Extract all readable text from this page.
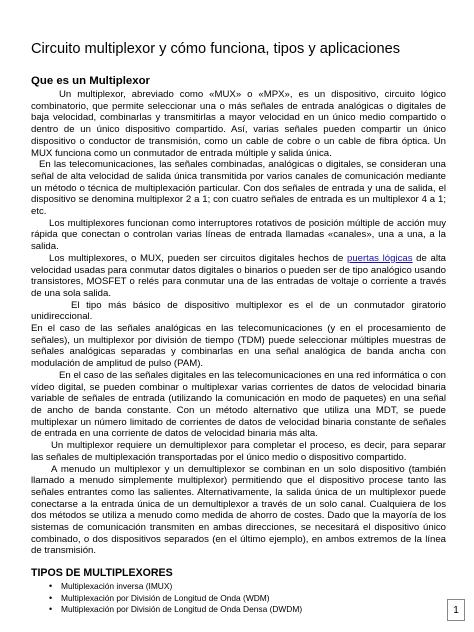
Circuito multiplexor y cómo funciona, tipos y aplicaciones
Que es un Multiplexor

Un multiplexor, abreviado como «MUX» o «MPX», es un dispositivo, circuito lógico combinatorio, que permite seleccionar una o más señales de entrada analógicas o digitales de baja velocidad, combinarlas y transmitirlas a mayor velocidad en un único medio compartido o dentro de un único dispositivo compartido. Así, varias señales pueden compartir un único dispositivo o conductor de transmisión, como un cable de cobre o un cable de fibra óptica. Un MUX funciona como un conmutador de entrada múltiple y salida única.

En las telecomunicaciones, las señales combinadas, analógicas o digitales, se consideran una señal de alta velocidad de salida única transmitida por varios canales de comunicación mediante un método o técnica de multiplexación particular. Con dos señales de entrada y una de salida, el dispositivo se denomina multiplexor 2 a 1; con cuatro señales de entrada es un multiplexor 4 a 1; etc.

Los multiplexores funcionan como interruptores rotativos de posición múltiple de acción muy rápida que conectan o controlan varias líneas de entrada llamadas «canales», una a una, a la salida.

Los multiplexores, o MUX, pueden ser circuitos digitales hechos de puertas lógicas de alta velocidad usadas para conmutar datos digitales o binarios o pueden ser de tipo analógico usando transistores, MOSFET o relés para conmutar una de las entradas de voltaje o corriente a través de una sola salida.

El tipo más básico de dispositivo multiplexor es el de un conmutador giratorio unidireccional.

En el caso de las señales analógicas en las telecomunicaciones (y en el procesamiento de señales), un multiplexor por división de tiempo (TDM) puede seleccionar múltiples muestras de señales analógicas separadas y combinarlas en una señal analógica de banda ancha con modulación de amplitud de pulso (PAM).

En el caso de las señales digitales en las telecomunicaciones en una red informática o con vídeo digital, se pueden combinar o multiplexar varias corrientes de datos de velocidad binaria variable de señales de entrada (utilizando la comunicación en modo de paquetes) en una señal de ancho de banda constante. Con un método alternativo que utiliza una MDT, se puede multiplexar un número limitado de corrientes de datos de velocidad binaria constante de señales de entrada en una corriente de datos de velocidad binaria más alta.

Un multiplexor requiere un demultiplexor para completar el proceso, es decir, para separar las señales de multiplexación transportadas por el único medio o dispositivo compartido.

A menudo un multiplexor y un demultiplexor se combinan en un solo dispositivo (también llamado a menudo simplemente multiplexor) permitiendo que el dispositivo procese tanto las señales entrantes como las salientes. Alternativamente, la salida única de un multiplexor puede conectarse a la entrada única de un demultiplexor a través de un solo canal. Cualquiera de los dos métodos se utiliza a menudo como medida de ahorro de costes. Dado que la mayoría de los sistemas de comunicación transmiten en ambas direcciones, se necesitará el dispositivo único combinado, o dos dispositivos separados (en el último ejemplo), en ambos extremos de la línea de transmisión.

TIPOS DE MULTIPLEXORES
• Multiplexación inversa (IMUX)
• Multiplexación por División de Longitud de Onda (WDM)
• Multiplexación por División de Longitud de Onda Densa (DWDM)	1
